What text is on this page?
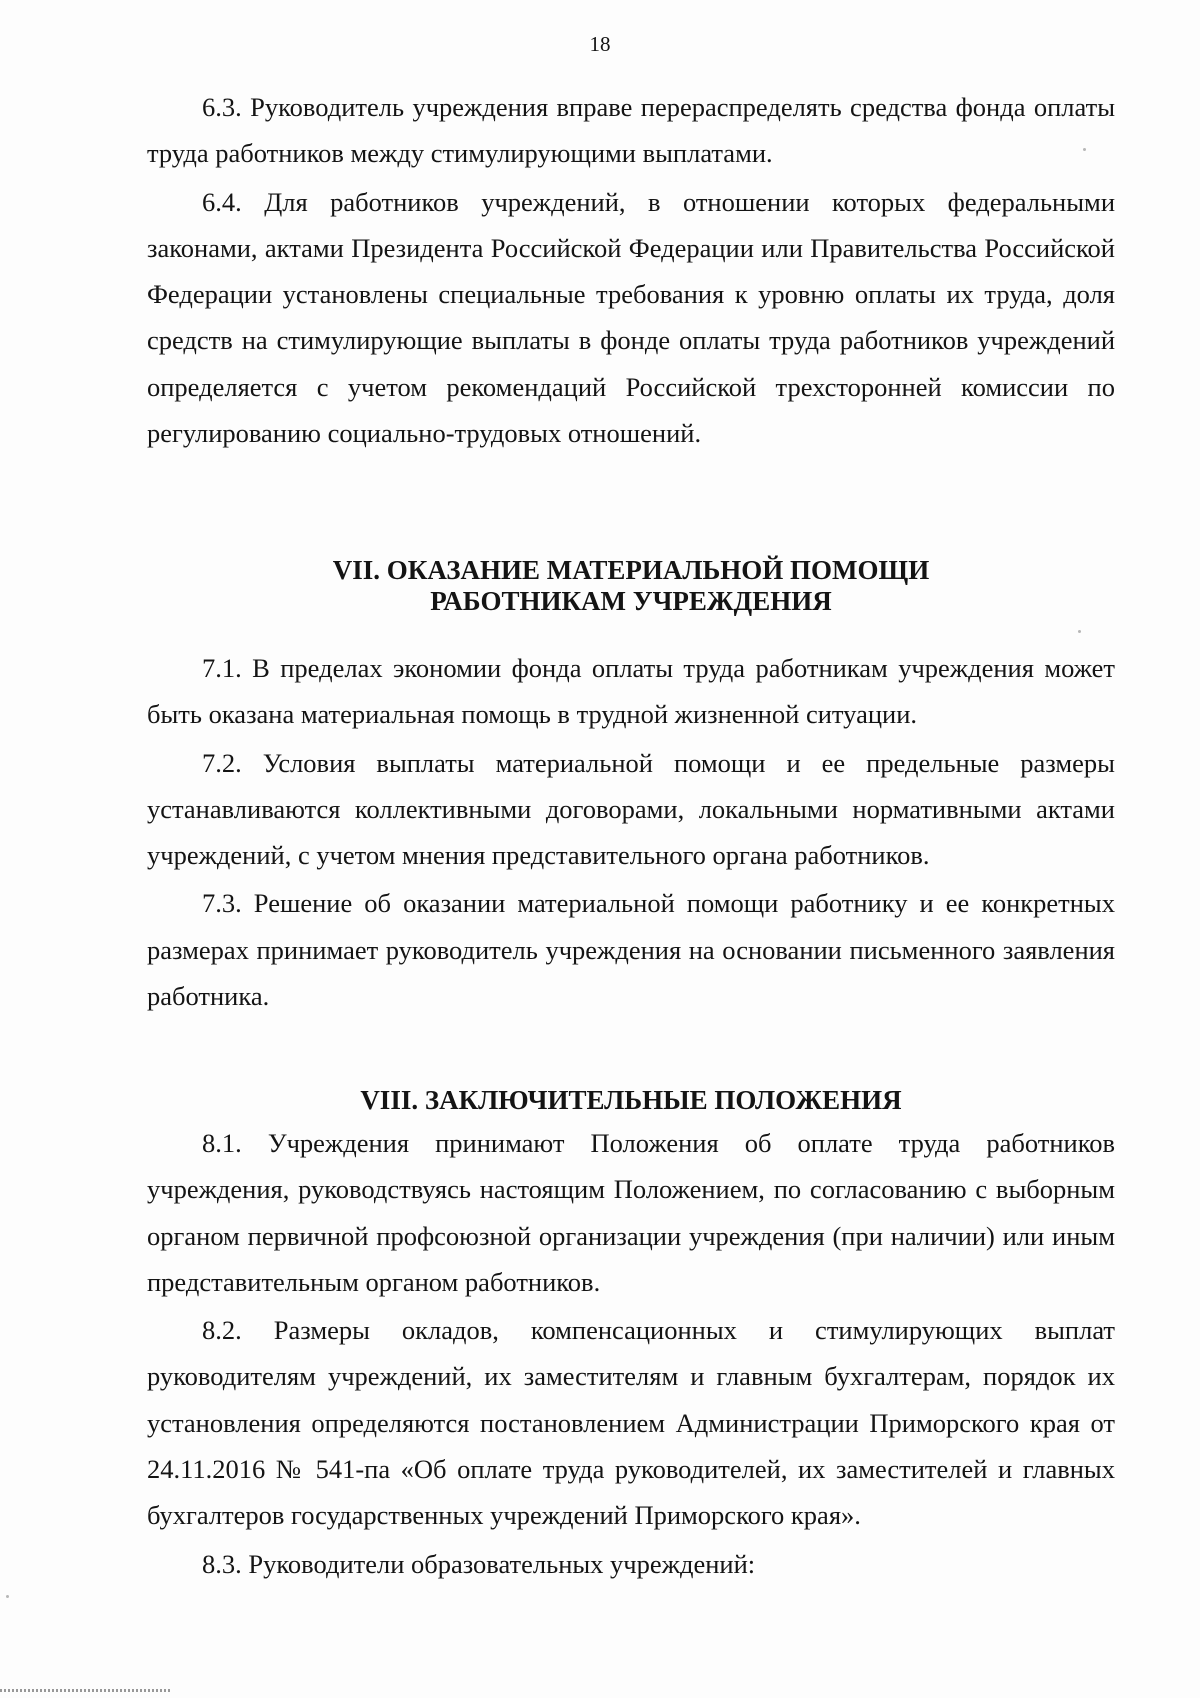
18

6.3. Руководитель учреждения вправе перераспределять средства фонда оплаты труда работников между стимулирующими выплатами.

6.4. Для работников учреждений, в отношении которых федеральными законами, актами Президента Российской Федерации или Правительства Российской Федерации установлены специальные требования к уровню оплаты их труда, доля средств на стимулирующие выплаты в фонде оплаты труда работников учреждений определяется с учетом рекомендаций Российской трехсторонней комиссии по регулированию социально-трудовых отношений.

VII. ОКАЗАНИЕ МАТЕРИАЛЬНОЙ ПОМОЩИ
РАБОТНИКАМ УЧРЕЖДЕНИЯ

7.1. В пределах экономии фонда оплаты труда работникам учреждения может быть оказана материальная помощь в трудной жизненной ситуации.

7.2. Условия выплаты материальной помощи и ее предельные размеры устанавливаются коллективными договорами, локальными нормативными актами учреждений, с учетом мнения представительного органа работников.

7.3. Решение об оказании материальной помощи работнику и ее конкретных размерах принимает руководитель учреждения на основании письменного заявления работника.

VIII. ЗАКЛЮЧИТЕЛЬНЫЕ ПОЛОЖЕНИЯ

8.1. Учреждения принимают Положения об оплате труда работников учреждения, руководствуясь настоящим Положением, по согласованию с выборным органом первичной профсоюзной организации учреждения (при наличии) или иным представительным органом работников.

8.2. Размеры окладов, компенсационных и стимулирующих выплат руководителям учреждений, их заместителям и главным бухгалтерам, порядок их установления определяются постановлением Администрации Приморского края от 24.11.2016 № 541-па «Об оплате труда руководителей, их заместителей и главных бухгалтеров государственных учреждений Приморского края».

8.3. Руководители образовательных учреждений:
